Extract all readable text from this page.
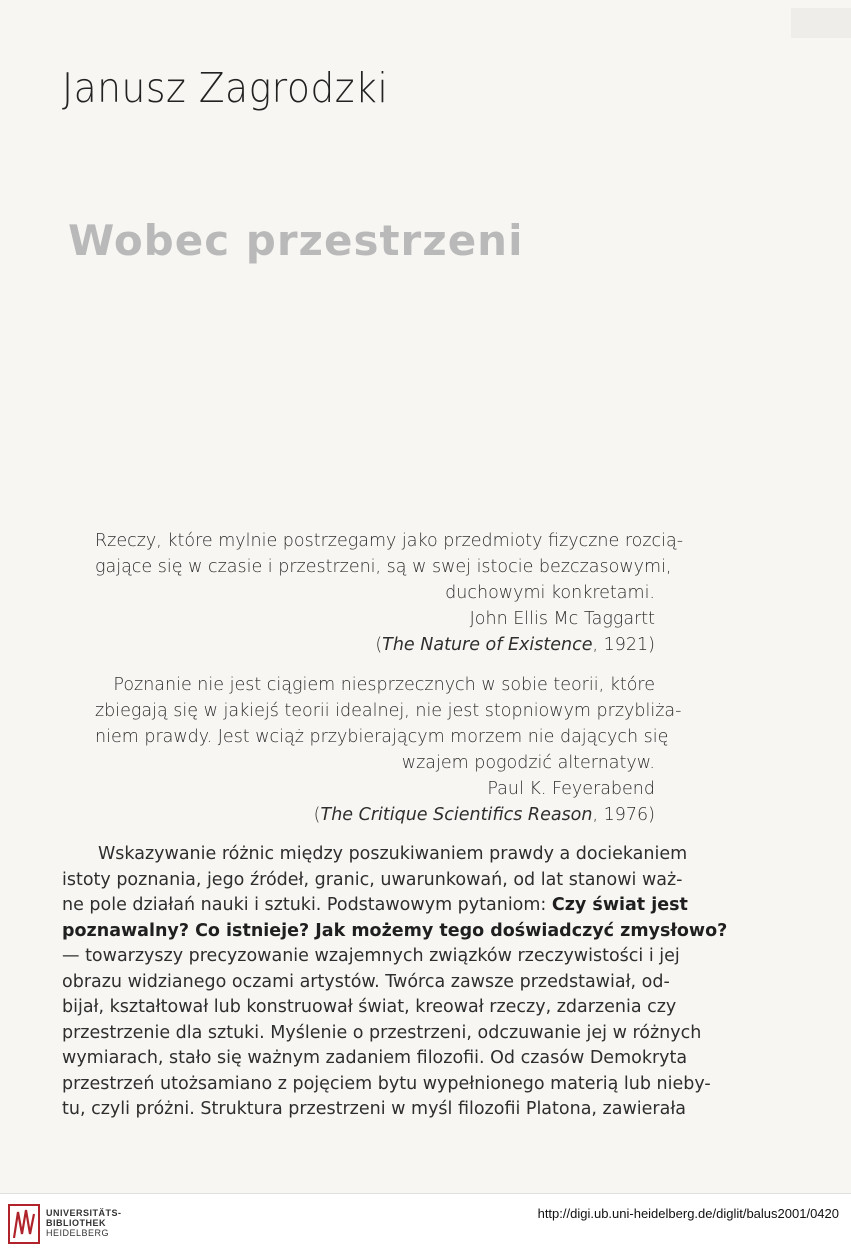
Janusz Zagrodzki
Wobec przestrzeni
Rzeczy, które mylnie postrzegamy jako przedmioty fizyczne rozcią-
gające się w czasie i przestrzeni, są w swej istocie bezczasowymi,
duchowymi konkretami.
John Ellis Mc Taggartt
(The Nature of Existence, 1921)
Poznanie nie jest ciągiem niesprzecznych w sobie teorii, które
zbiegają się w jakiejś teorii idealnej, nie jest stopniowym przybliża-
niem prawdy. Jest wciąż przybierającym morzem nie dających się
wzajem pogodzić alternatyw.
Paul K. Feyerabend
(The Critique Scientifics Reason, 1976)
Wskazywanie różnic między poszukiwaniem prawdy a dociekaniem
istoty poznania, jego źródeł, granic, uwarunkowań, od lat stanowi waż-
ne pole działań nauki i sztuki. Podstawowym pytaniom: Czy świat jest
poznawalny? Co istnieje? Jak możemy tego doświadczyć zmysłowo?
— towarzyszy precyzowanie wzajemnych związków rzeczywistości i jej
obrazu widzianego oczami artystów. Twórca zawsze przedstawiał, od-
bijał, kształtował lub konstruował świat, kreował rzeczy, zdarzenia czy
przestrzenie dla sztuki. Myślenie o przestrzeni, odczuwanie jej w różnych
wymiarach, stało się ważnym zadaniem filozofii. Od czasów Demokryta
przestrzeń utożsamiano z pojęciem bytu wypełnionego materią lub nieby-
tu, czyli próżni. Struktura przestrzeni w myśl filozofii Platona, zawierała
UNIVERSITÄTS-
BIBLIOTHEK
HEIDELBERG
http://digi.ub.uni-heidelberg.de/diglit/balus2001/0420
